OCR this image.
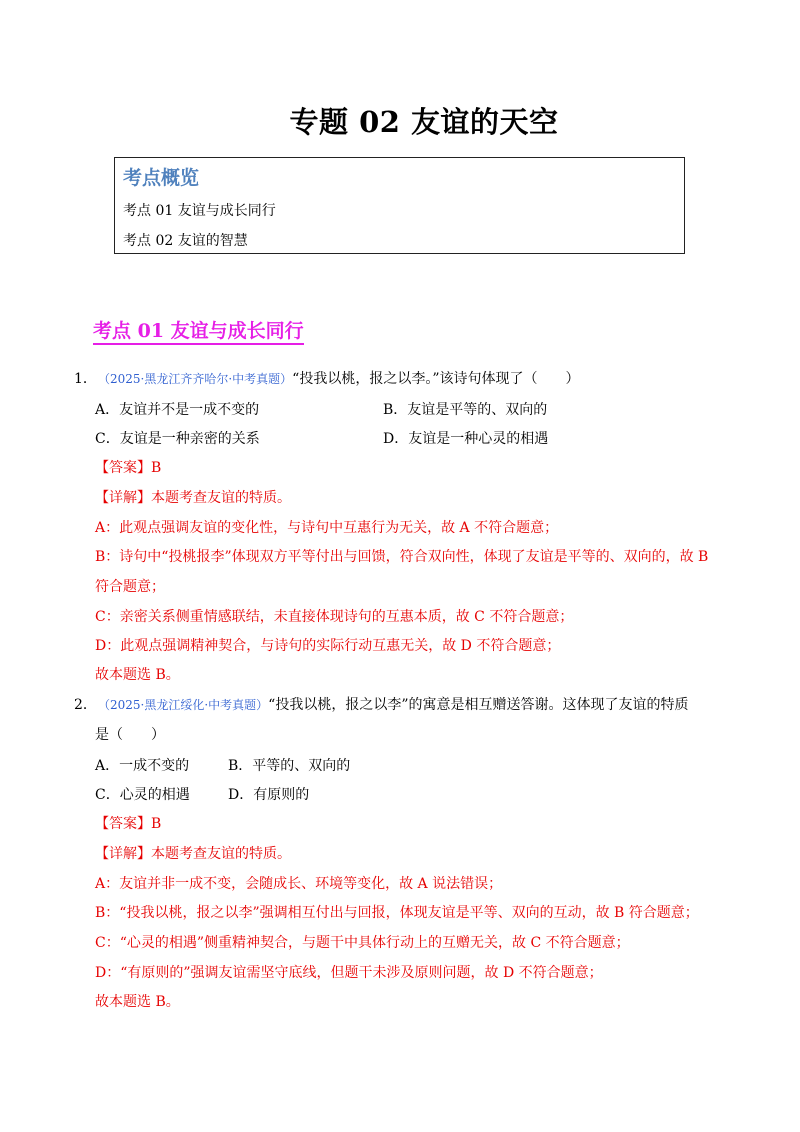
专题 02 友谊的天空
考点概览
考点 01 友谊与成长同行
考点 02 友谊的智慧
考点 01 友谊与成长同行
1． （2025·黑龙江齐齐哈尔·中考真题）“投我以桃，报之以李。”该诗句体现了（　　）
A．友谊并不是一成不变的	B．友谊是平等的、双向的
C．友谊是一种亲密的关系	D．友谊是一种心灵的相遇
【答案】B
【详解】本题考查友谊的特质。
A：此观点强调友谊的变化性，与诗句中互惠行为无关，故 A 不符合题意；
B：诗句中“投桃报李”体现双方平等付出与回馈，符合双向性，体现了友谊是平等的、双向的，故 B
符合题意；
C：亲密关系侧重情感联结，未直接体现诗句的互惠本质，故 C 不符合题意；
D：此观点强调精神契合，与诗句的实际行动互惠无关，故 D 不符合题意；
故本题选 B。
2． （2025·黑龙江绥化·中考真题）“投我以桃，报之以李”的寓意是相互赠送答谢。这体现了友谊的特质
是（　　）
A．一成不变的	B．平等的、双向的
C．心灵的相遇	D．有原则的
【答案】B
【详解】本题考查友谊的特质。
A：友谊并非一成不变，会随成长、环境等变化，故 A 说法错误；
B：“投我以桃，报之以李”强调相互付出与回报，体现友谊是平等、双向的互动，故 B 符合题意；
C：“心灵的相遇”侧重精神契合，与题干中具体行动上的互赠无关，故 C 不符合题意；
D：“有原则的”强调友谊需坚守底线，但题干未涉及原则问题，故 D 不符合题意；
故本题选 B。
